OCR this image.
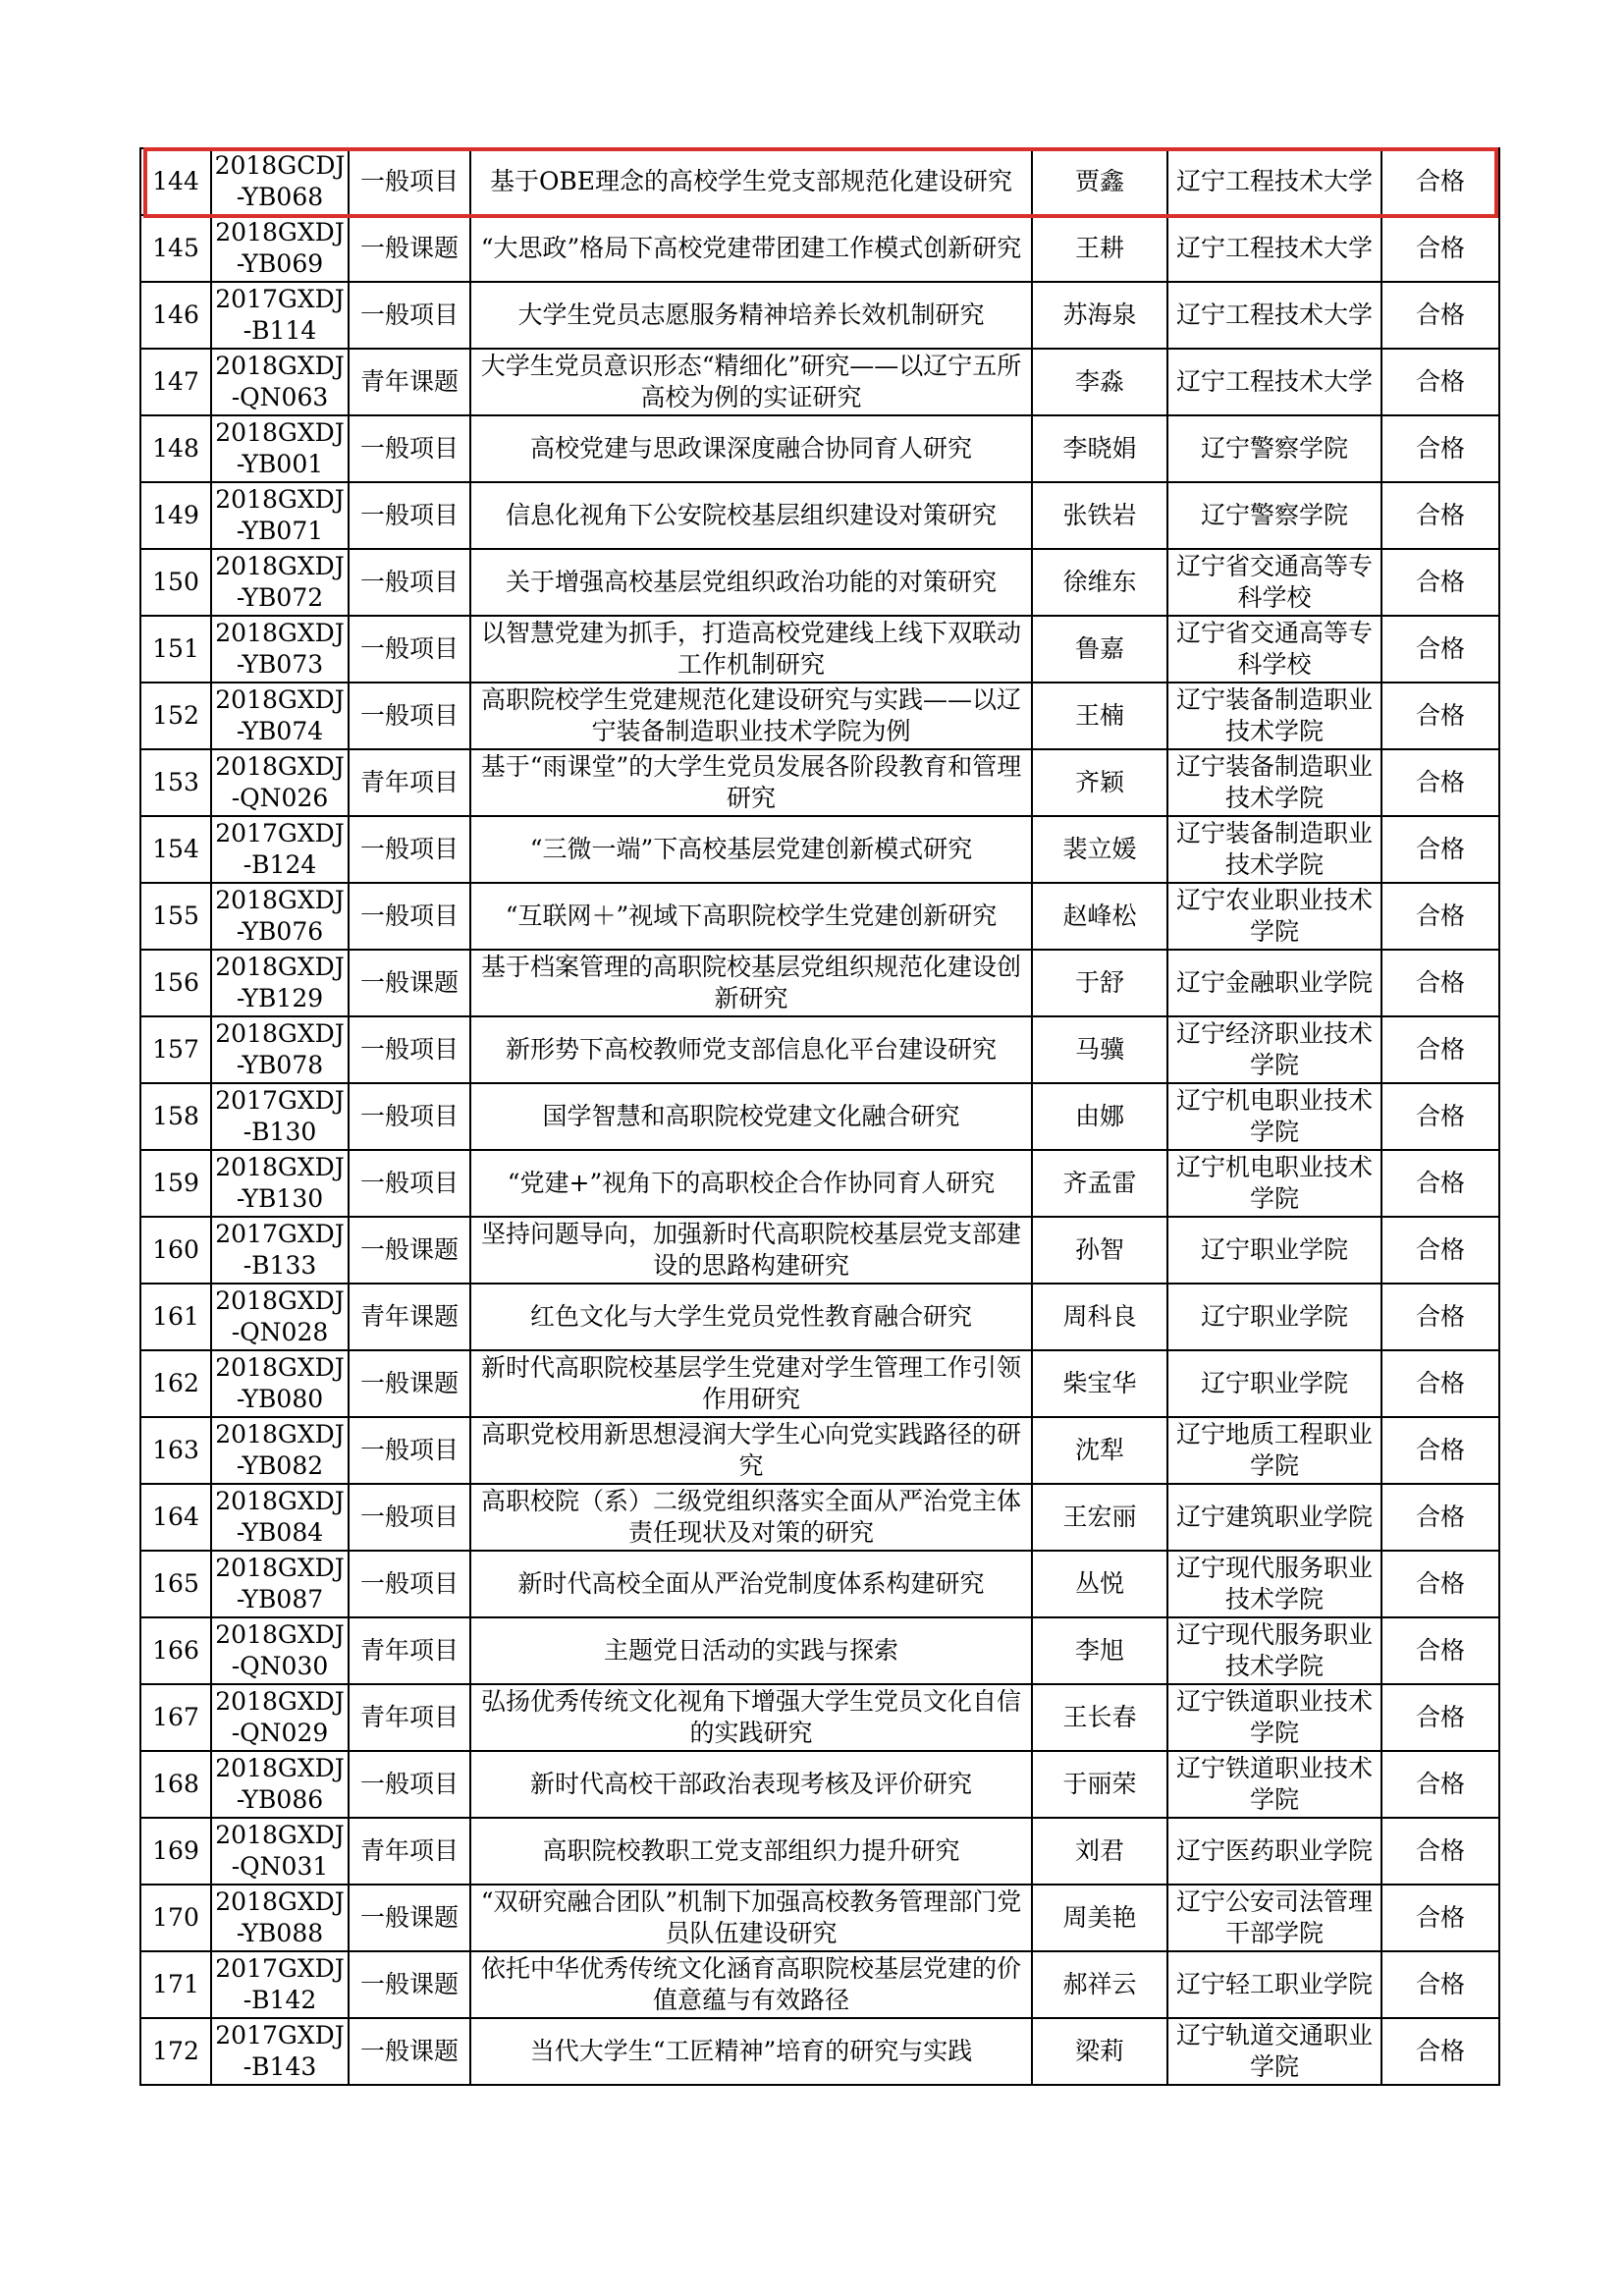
144	2018GCDJ-YB068	一般项目	基于OBE理念的高校学生党支部规范化建设研究	贾鑫	辽宁工程技术大学	合格
145	2018GXDJ-YB069	一般课题	“大思政”格局下高校党建带团建工作模式创新研究	王耕	辽宁工程技术大学	合格
146	2017GXDJ-B114	一般项目	大学生党员志愿服务精神培养长效机制研究	苏海泉	辽宁工程技术大学	合格
147	2018GXDJ-QN063	青年课题	大学生党员意识形态“精细化”研究——以辽宁五所高校为例的实证研究	李淼	辽宁工程技术大学	合格
148	2018GXDJ-YB001	一般项目	高校党建与思政课深度融合协同育人研究	李晓娟	辽宁警察学院	合格
149	2018GXDJ-YB071	一般项目	信息化视角下公安院校基层组织建设对策研究	张铁岩	辽宁警察学院	合格
150	2018GXDJ-YB072	一般项目	关于增强高校基层党组织政治功能的对策研究	徐维东	辽宁省交通高等专科学校	合格
151	2018GXDJ-YB073	一般项目	以智慧党建为抓手，打造高校党建线上线下双联动工作机制研究	鲁嘉	辽宁省交通高等专科学校	合格
152	2018GXDJ-YB074	一般项目	高职院校学生党建规范化建设研究与实践——以辽宁装备制造职业技术学院为例	王楠	辽宁装备制造职业技术学院	合格
153	2018GXDJ-QN026	青年项目	基于“雨课堂”的大学生党员发展各阶段教育和管理研究	齐颖	辽宁装备制造职业技术学院	合格
154	2017GXDJ-B124	一般项目	“三微一端”下高校基层党建创新模式研究	裴立媛	辽宁装备制造职业技术学院	合格
155	2018GXDJ-YB076	一般项目	“互联网＋”视域下高职院校学生党建创新研究	赵峰松	辽宁农业职业技术学院	合格
156	2018GXDJ-YB129	一般课题	基于档案管理的高职院校基层党组织规范化建设创新研究	于舒	辽宁金融职业学院	合格
157	2018GXDJ-YB078	一般项目	新形势下高校教师党支部信息化平台建设研究	马骥	辽宁经济职业技术学院	合格
158	2017GXDJ-B130	一般项目	国学智慧和高职院校党建文化融合研究	由娜	辽宁机电职业技术学院	合格
159	2018GXDJ-YB130	一般项目	“党建+”视角下的高职校企合作协同育人研究	齐孟雷	辽宁机电职业技术学院	合格
160	2017GXDJ-B133	一般课题	坚持问题导向，加强新时代高职院校基层党支部建设的思路构建研究	孙智	辽宁职业学院	合格
161	2018GXDJ-QN028	青年课题	红色文化与大学生党员党性教育融合研究	周科良	辽宁职业学院	合格
162	2018GXDJ-YB080	一般课题	新时代高职院校基层学生党建对学生管理工作引领作用研究	柴宝华	辽宁职业学院	合格
163	2018GXDJ-YB082	一般项目	高职党校用新思想浸润大学生心向党实践路径的研究	沈犁	辽宁地质工程职业学院	合格
164	2018GXDJ-YB084	一般项目	高职校院（系）二级党组织落实全面从严治党主体责任现状及对策的研究	王宏丽	辽宁建筑职业学院	合格
165	2018GXDJ-YB087	一般项目	新时代高校全面从严治党制度体系构建研究	丛悦	辽宁现代服务职业技术学院	合格
166	2018GXDJ-QN030	青年项目	主题党日活动的实践与探索	李旭	辽宁现代服务职业技术学院	合格
167	2018GXDJ-QN029	青年项目	弘扬优秀传统文化视角下增强大学生党员文化自信的实践研究	王长春	辽宁铁道职业技术学院	合格
168	2018GXDJ-YB086	一般项目	新时代高校干部政治表现考核及评价研究	于丽荣	辽宁铁道职业技术学院	合格
169	2018GXDJ-QN031	青年项目	高职院校教职工党支部组织力提升研究	刘君	辽宁医药职业学院	合格
170	2018GXDJ-YB088	一般课题	“双研究融合团队”机制下加强高校教务管理部门党员队伍建设研究	周美艳	辽宁公安司法管理干部学院	合格
171	2017GXDJ-B142	一般课题	依托中华优秀传统文化涵育高职院校基层党建的价值意蕴与有效路径	郝祥云	辽宁轻工职业学院	合格
172	2017GXDJ-B143	一般课题	当代大学生“工匠精神”培育的研究与实践	梁莉	辽宁轨道交通职业学院	合格
